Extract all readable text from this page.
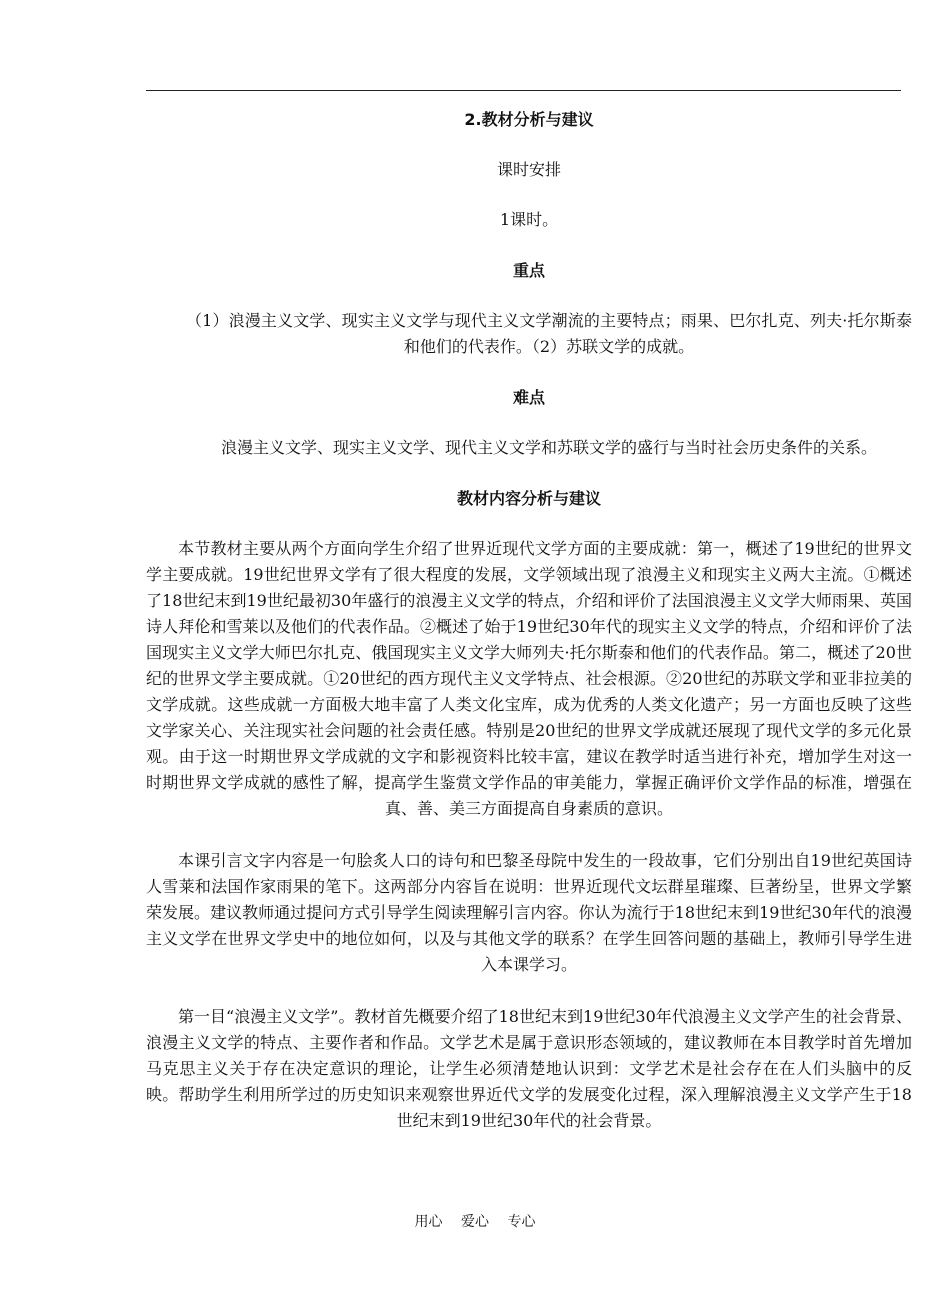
2.教材分析与建议

课时安排

1课时。

重点

（1）浪漫主义文学、现实主义文学与现代主义文学潮流的主要特点；雨果、巴尔扎克、列夫·托尔斯泰和他们的代表作。（2）苏联文学的成就。

难点

浪漫主义文学、现实主义文学、现代主义文学和苏联文学的盛行与当时社会历史条件的关系。

教材内容分析与建议

本节教材主要从两个方面向学生介绍了世界近现代文学方面的主要成就：第一，概述了19世纪的世界文学主要成就。19世纪世界文学有了很大程度的发展，文学领域出现了浪漫主义和现实主义两大主流。①概述了18世纪末到19世纪最初30年盛行的浪漫主义文学的特点，介绍和评价了法国浪漫主义文学大师雨果、英国诗人拜伦和雪莱以及他们的代表作品。②概述了始于19世纪30年代的现实主义文学的特点，介绍和评价了法国现实主义文学大师巴尔扎克、俄国现实主义文学大师列夫·托尔斯泰和他们的代表作品。第二，概述了20世纪的世界文学主要成就。①20世纪的西方现代主义文学特点、社会根源。②20世纪的苏联文学和亚非拉美的文学成就。这些成就一方面极大地丰富了人类文化宝库，成为优秀的人类文化遗产；另一方面也反映了这些文学家关心、关注现实社会问题的社会责任感。特别是20世纪的世界文学成就还展现了现代文学的多元化景观。由于这一时期世界文学成就的文字和影视资料比较丰富，建议在教学时适当进行补充，增加学生对这一时期世界文学成就的感性了解，提高学生鉴赏文学作品的审美能力，掌握正确评价文学作品的标准，增强在真、善、美三方面提高自身素质的意识。

本课引言文字内容是一句脍炙人口的诗句和巴黎圣母院中发生的一段故事，它们分别出自19世纪英国诗人雪莱和法国作家雨果的笔下。这两部分内容旨在说明：世界近现代文坛群星璀璨、巨著纷呈，世界文学繁荣发展。建议教师通过提问方式引导学生阅读理解引言内容。你认为流行于18世纪末到19世纪30年代的浪漫主义文学在世界文学史中的地位如何，以及与其他文学的联系？在学生回答问题的基础上，教师引导学生进入本课学习。

第一目“浪漫主义文学”。教材首先概要介绍了18世纪末到19世纪30年代浪漫主义文学产生的社会背景、浪漫主义文学的特点、主要作者和作品。文学艺术是属于意识形态领域的，建议教师在本目教学时首先增加马克思主义关于存在决定意识的理论，让学生必须清楚地认识到：文学艺术是社会存在在人们头脑中的反映。帮助学生利用所学过的历史知识来观察世界近代文学的发展变化过程，深入理解浪漫主义文学产生于18世纪末到19世纪30年代的社会背景。

用心 爱心 专心
